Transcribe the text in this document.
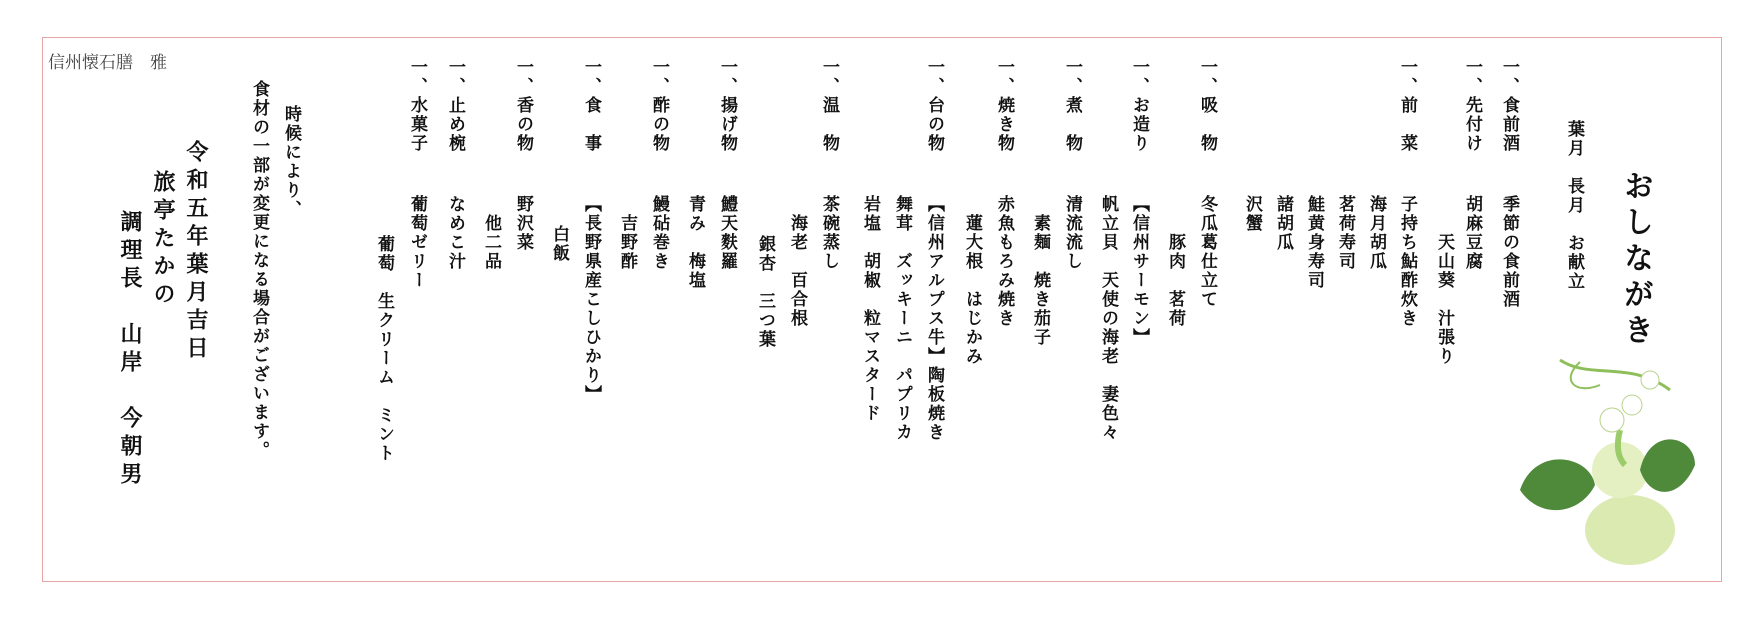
信州懐石膳　雅
おしながき
葉月　長月　お献立
一、食前酒
季節の食前酒
一、先付け
胡麻豆腐
　　天山葵　汁張り
一、前　菜
子持ち鮎酢炊き
海月胡瓜
茗荷寿司
鮭黄身寿司
諸胡瓜
沢蟹
一、吸　物
冬瓜葛仕立て
　　豚肉　茗荷
一、お造り
【信州サーモン】
帆立貝　天使の海老　妻色々
一、煮　物
清流流し
　素麺　焼き茄子
一、焼き物
赤魚もろみ焼き
　蓮大根　はじかみ
一、台の物
【信州アルプス牛】陶板焼き
舞茸　ズッキーニ　パプリカ
岩塩　胡椒　粒マスタード
一、温　物
茶碗蒸し
　海老　百合根
銀杏　三つ葉
一、揚げ物
鱧天麩羅
青み　梅塩
一、酢の物
鰻砧巻き
　吉野酢
一、食　事
【長野県産こしひかり】
白飯
一、香の物
野沢菜
　他二品
一、止め椀
なめこ汁
一、水菓子
葡萄ゼリー
葡萄　生クリーム　ミント
時候により、
食材の一部が変更になる場合がございます。
令和五年葉月吉日
旅亭たかの
調理長　山岸　今朝男
